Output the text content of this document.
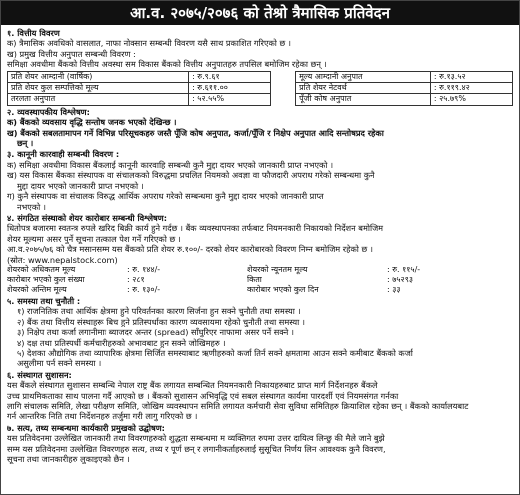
आ.व. २०७५/२०७६ को तेश्रो त्रैमासिक प्रतिवेदन
१. वित्तीय विवरण
क) त्रैमासिक अवधिको वासलात, नाफा नोक्सान सम्बन्धी विवरण यसै साथ प्रकाशित गरिएको छ ।
ख) प्रमुख वित्तीय अनुपात सम्बन्धी विवरण :
समिक्षा अवधीमा बैंकको वित्तीय अवस्था सम विकास बैंकको वित्तीय अनुपातहरु तपसिल बमोजिम रहेका छन् ।
प्रति शेयर आम्दानी (वार्षिक)	: रु.९.६१		मूल्य आम्दानी अनुपात	: रु.१३.५२
प्रति शेयर कुल सम्पत्तिको मूल्य	: रु.६११.००		प्रति शेयर नेटवर्थ	: रु.११९.४२
तरलता अनुपात	: ५२.५५%		पूँजी कोष अनुपात	: २५.७९%
२. व्यवस्थापकीय विश्लेषण:
क) बैंकको व्यवसाय वृद्धि सन्तोष जनक भएको देखिन्छ ।
ख) बैंकको सबलतामापन गर्ने विभिन्न परिसूचकहरु जस्तै पूँजि कोष अनुपात, कर्जा/पूँजि र निक्षेप अनुपात आदि सन्तोषप्रद रहेका
छन् ।
३. कानूनी कारवाही सम्बन्धी विवरण :
क) समिक्षा अवधीमा विकास बैंकलाई कानूनी कारवाहि सम्बन्धी कुनै मुद्दा दायर भएको जानकारी प्राप्त नभएको ।
ख) यस विकास बैंकका संस्थापक वा संचालकको विरुद्धमा प्रचलित नियमको अवज्ञा वा फौजदारी अपराध गरेको सम्बन्धमा कुनै
मुद्दा दायर भएको जानकारी प्राप्त नभएको ।
ग) कुनै संस्थापक वा संचालक विरुद्ध आर्थिक अपराध गरेको सम्बन्धमा कुनै मुद्दा दायर भएको जानकारी प्राप्त
नभएको ।
४. संगठित संस्थाको शेयर कारोबार सम्बन्धी विश्लेषण:
धितोपत्र बजारमा स्वतन्त्र रुपले खरिद बिक्री कार्य हुने गर्दछ । बैंक व्यवस्थापनका तर्फबाट नियमनकारी निकायको निर्देशन बमोजिम
शेयर मूल्यमा असर पुर्ने सूचना तत्काल पेश गर्ने गरिएको छ ।
आ.व.२०७५/७६ को चैत्र मसानसम्म यस बैंकको प्रति शेयर रु.१००/- दरको शेयर कारोबारको विवरण निम्न बमोजिम रहेको छ ।
(स्रोत: www.nepalstock.com)
शेयरको अधिकतम मूल्य	: रु. १४४/-	शेयरको न्यूनतम मूल्य	: रु. ११५/-
कारोबार भएको कुल संख्या	: २८१	किता	: ७५२९३
शेयरको अन्तिम मूल्य	: रु. १३०/-	कारोबार भएको कुल दिन	: ३३
५. समस्या तथा चुनौती :
१) राजनितिक तथा आर्थिक क्षेत्रमा हुने परिवर्तनका कारण सिर्जना हुन सक्ने चुनौती तथा समस्या ।
२) बैंक तथा वित्तीय संस्थाहरू बिच हुने प्रतिस्पर्धाका कारण व्यवसायमा रहेको चुनौती तथा समस्या ।
३) निक्षेप तथा कर्जा लगानीमाः ब्याजदर अन्तर (spread) साँघुरिएर नाफामा असर पर्ने सक्ने ।
४) दक्ष तथा प्रतिस्पर्धी कर्मचारीहरुको अभावबाट हुन सक्ने जोखिमहरु ।
५) देशका औद्योगिक तथा व्यापारिक क्षेत्रमा सिर्जित समस्याबाट ऋणीहरुको कर्जा तिर्न सक्ने क्षमतामा आउन सक्ने कमीबाट बैंकको कर्जा
असुलीमा पर्न सक्ने समस्या ।
६. संस्थागत सुशासन:
यस बैंकले संस्थागत सुशासन सम्बन्धि नेपाल राष्ट्र बैंक लगायत सम्बन्धित नियमनकारी निकायहरुबाट प्राप्त मार्ग निर्देशनहरु बैंकले
उच्च प्राथमिकताका साथ पालना गर्दै आएको छ । बैंकको सुशासन अभिवृद्धि एवं सबल संस्थागत कार्यमा पारदर्शी एवं नियमसंगत गर्नका
लागि संचालक समिति, लेखा परीक्षण समिति, जोखिम व्यवस्थापन समिति लगायत कर्मचारी सेवा सुविधा समितिहरु क्रियाशिल रहेका छन् । बैंकको कार्यालयबाट
गर्न आन्तरिक निति तथा निर्देशनहरु तर्जुमा गरी लागु गरिएको छ ।
७. सत्य, तथ्य सम्बन्धमा कार्यकारी प्रमुखको उद्घोषण:
यस प्रतिवेदनमा उल्लेखित जानकारी तथा विवरणहरुको शुद्धता सम्बन्धमा म व्यक्तिगत रुपमा उत्तर दायित्व लिन्छु की मैले जाने बुझे
सम्म यस प्रतिवेदनमा उल्लेखित विवरणहरु सत्य, तथ्य र पूर्ण छन् र लगानीकर्ताहरुलाई सुसूचित निर्णय लिन आवश्यक कुनै विवरण,
सूचना तथा जानकारीहरु लुकाइएको छैन ।
